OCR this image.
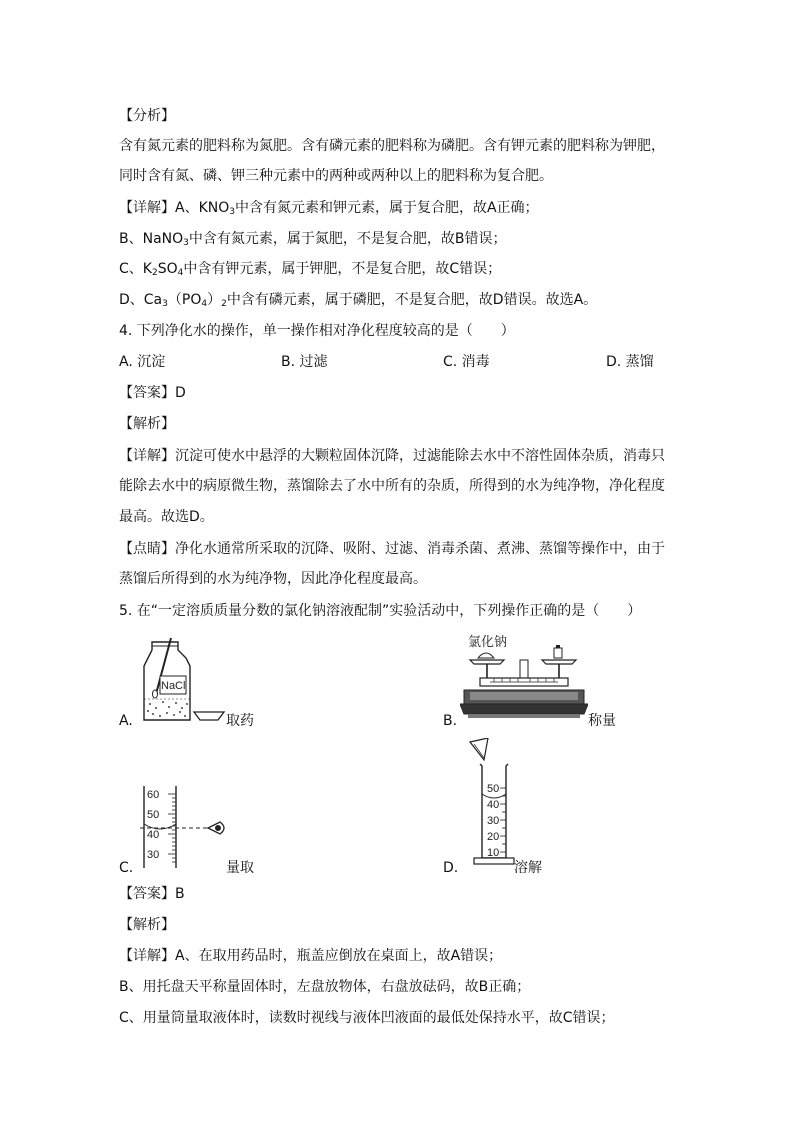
【分析】
含有氮元素的肥料称为氮肥。含有磷元素的肥料称为磷肥。含有钾元素的肥料称为钾肥，
同时含有氮、磷、钾三种元素中的两种或两种以上的肥料称为复合肥。
【详解】A、$KNO_3$中含有氮元素和钾元素，属于复合肥，故A正确；
B、NaNO$_3$中含有氮元素，属于氮肥，不是复合肥，故B错误；
C、$K_2SO_4$中含有钾元素，属于钾肥，不是复合肥，故C错误；
D、$Ca_3(PO_4)_2$中含有磷元素，属于磷肥，不是复合肥，故D错误。故选A。
4. 下列净化水的操作，单一操作相对净化程度较高的是（　　）
A. 沉淀	B. 过滤	C. 消毒	D. 蒸馏
【答案】D
【解析】
【详解】沉淀可使水中悬浮的大颗粒固体沉降，过滤能除去水中不溶性固体杂质，消毒只
能除去水中的病原微生物，蒸馏除去了水中所有的杂质，所得到的水为纯净物，净化程度
最高。故选D。
【点睛】净化水通常所采取的沉降、吸附、过滤、消毒杀菌、煮沸、蒸馏等操作中，由于
蒸馏后所得到的水为纯净物，因此净化程度最高。
5. 在“一定溶质质量分数的氯化钠溶液配制”实验活动中，下列操作正确的是（　　）
A.
NaCl
取药	B.
氯化钠
称量
C.
60
50
40
30
量取	D.
50
40
30
20
10
溶解
【答案】B
【解析】
【详解】A、在取用药品时，瓶盖应倒放在桌面上，故A错误；
B、用托盘天平称量固体时，左盘放物体，右盘放砝码，故B正确；
C、用量筒量取液体时，读数时视线与液体凹液面的最低处保持水平，故C错误；
